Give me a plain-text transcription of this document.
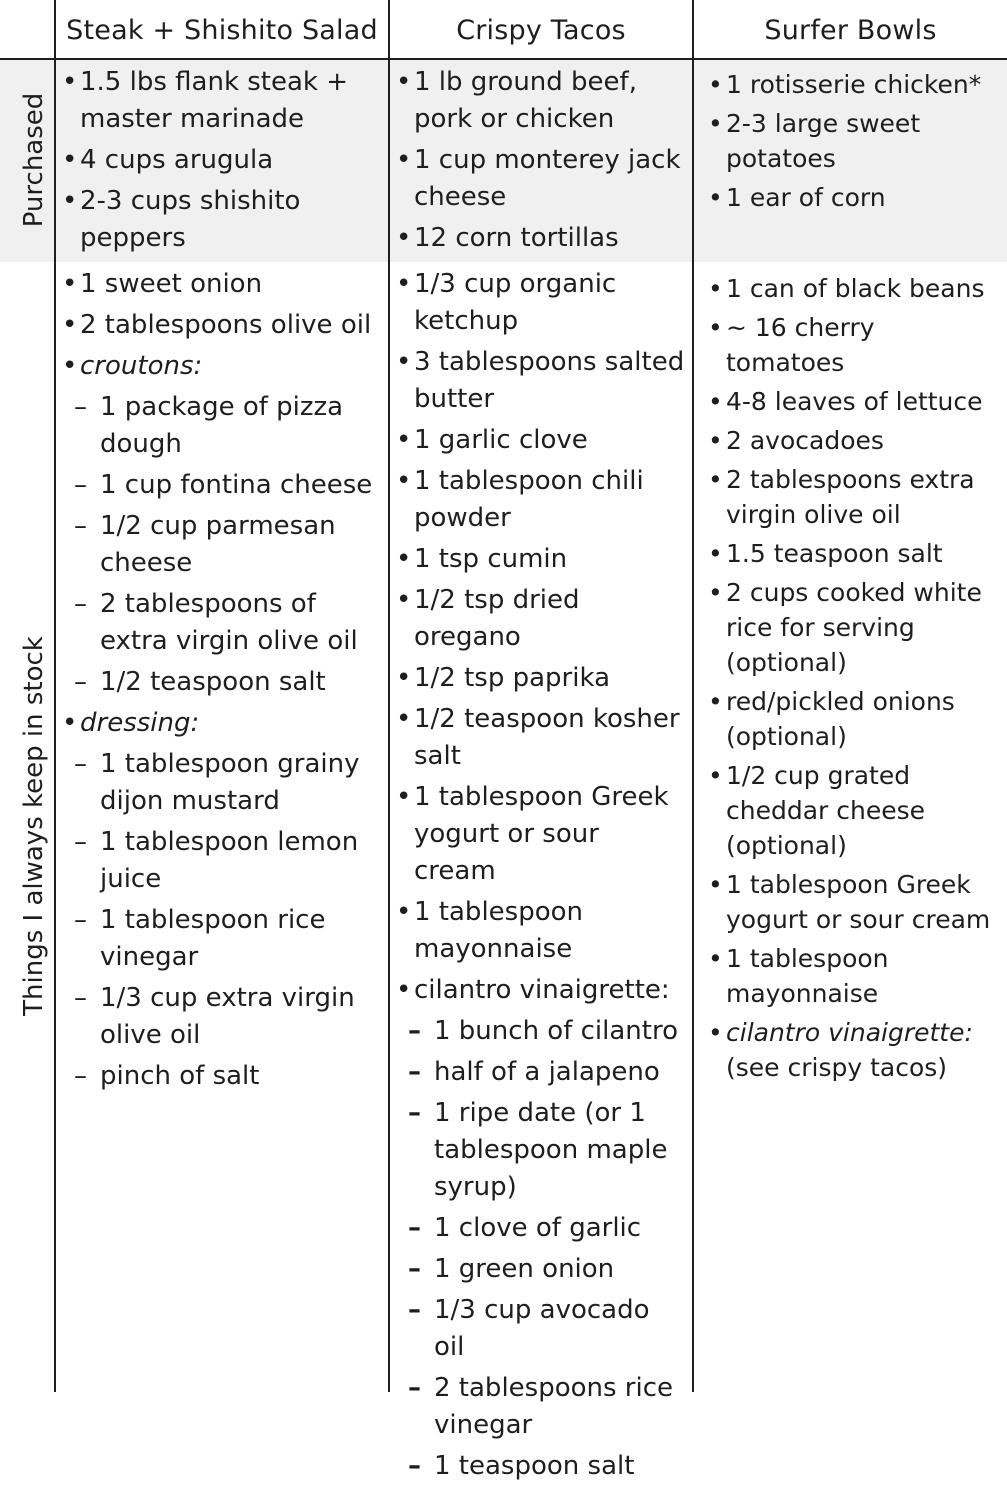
Steak + Shishito Salad	Crispy Tacos	Surfer Bowls
Purchased
Things I always keep in stock
• 1.5 lbs flank steak + master marinade
• 4 cups arugula
• 2-3 cups shishito peppers
• 1 lb ground beef, pork or chicken
• 1 cup monterey jack cheese
• 12 corn tortillas
• 1 rotisserie chicken*
• 2-3 large sweet potatoes
• 1 ear of corn
• 1 sweet onion
• 2 tablespoons olive oil
• croutons:
– 1 package of pizza dough
– 1 cup fontina cheese
– 1/2 cup parmesan cheese
– 2 tablespoons of extra virgin olive oil
– 1/2 teaspoon salt
• dressing:
– 1 tablespoon grainy dijon mustard
– 1 tablespoon lemon juice
– 1 tablespoon rice vinegar
– 1/3 cup extra virgin olive oil
– pinch of salt
• 1/3 cup organic ketchup
• 3 tablespoons salted butter
• 1 garlic clove
• 1 tablespoon chili powder
• 1 tsp cumin
• 1/2 tsp dried oregano
• 1/2 tsp paprika
• 1/2 teaspoon kosher salt
• 1 tablespoon Greek yogurt or sour cream
• 1 tablespoon mayonnaise
• cilantro vinaigrette:
– 1 bunch of cilantro
– half of a jalapeno
– 1 ripe date (or 1 tablespoon maple syrup)
– 1 clove of garlic
– 1 green onion
– 1/3 cup avocado oil
– 2 tablespoons rice vinegar
– 1 teaspoon salt
• 1 can of black beans
• ~ 16 cherry tomatoes
• 4-8 leaves of lettuce
• 2 avocadoes
• 2 tablespoons extra virgin olive oil
• 1.5 teaspoon salt
• 2 cups cooked white rice for serving (optional)
• red/pickled onions (optional)
• 1/2 cup grated cheddar cheese (optional)
• 1 tablespoon Greek yogurt or sour cream
• 1 tablespoon mayonnaise
• cilantro vinaigrette:
(see crispy tacos)
